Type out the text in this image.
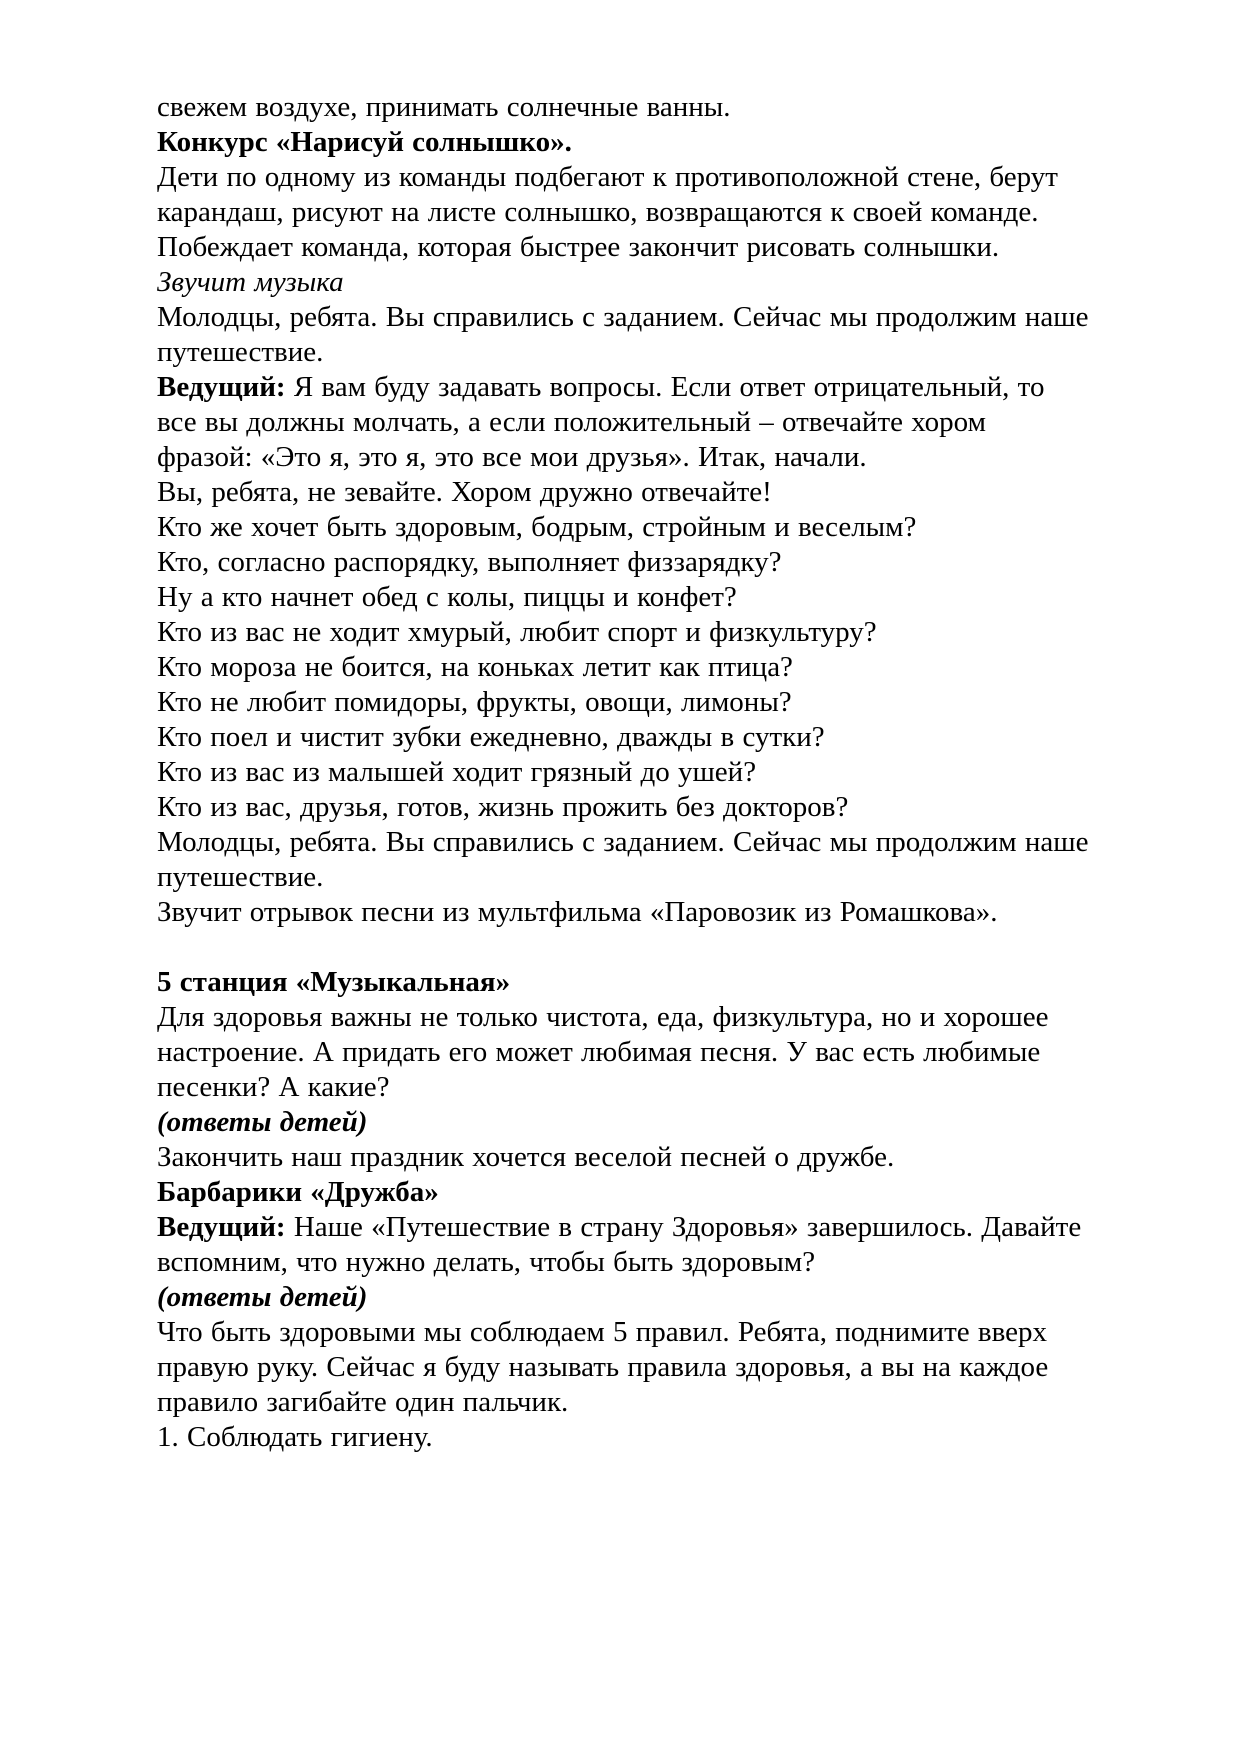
свежем воздухе, принимать солнечные ванны.

Конкурс «Нарисуй солнышко».

Дети по одному из команды подбегают к противоположной стене, берут карандаш, рисуют на листе солнышко, возвращаются к своей команде.

Побеждает команда, которая быстрее закончит рисовать солнышки.

Звучит музыка

Молодцы, ребята. Вы справились с заданием. Сейчас мы продолжим наше путешествие.

Ведущий: Я вам буду задавать вопросы. Если ответ отрицательный, то все вы должны молчать, а если положительный – отвечайте хором фразой: «Это я, это я, это все мои друзья». Итак, начали.

Вы, ребята, не зевайте. Хором дружно отвечайте!

Кто же хочет быть здоровым, бодрым, стройным и веселым?

Кто, согласно распорядку, выполняет физзарядку?

Ну а кто начнет обед с колы, пиццы и конфет?

Кто из вас не ходит хмурый, любит спорт и физкультуру?

Кто мороза не боится, на коньках летит как птица?

Кто не любит помидоры, фрукты, овощи, лимоны?

Кто поел и чистит зубки ежедневно, дважды в сутки?

Кто из вас из малышей ходит грязный до ушей?

Кто из вас, друзья, готов, жизнь прожить без докторов?

Молодцы, ребята. Вы справились с заданием. Сейчас мы продолжим наше путешествие.

Звучит отрывок песни из мультфильма «Паровозик из Ромашкова».

5 станция «Музыкальная»

Для здоровья важны не только чистота, еда, физкультура, но и хорошее настроение. А придать его может любимая песня. У вас есть любимые песенки? А какие?

(ответы детей)

Закончить наш праздник хочется веселой песней о дружбе.

Барбарики «Дружба»

Ведущий: Наше «Путешествие в страну Здоровья» завершилось. Давайте вспомним, что нужно делать, чтобы быть здоровым?

(ответы детей)

Что быть здоровыми мы соблюдаем 5 правил. Ребята, поднимите вверх правую руку. Сейчас я буду называть правила здоровья, а вы на каждое правило загибайте один пальчик.

1. Соблюдать гигиену.
